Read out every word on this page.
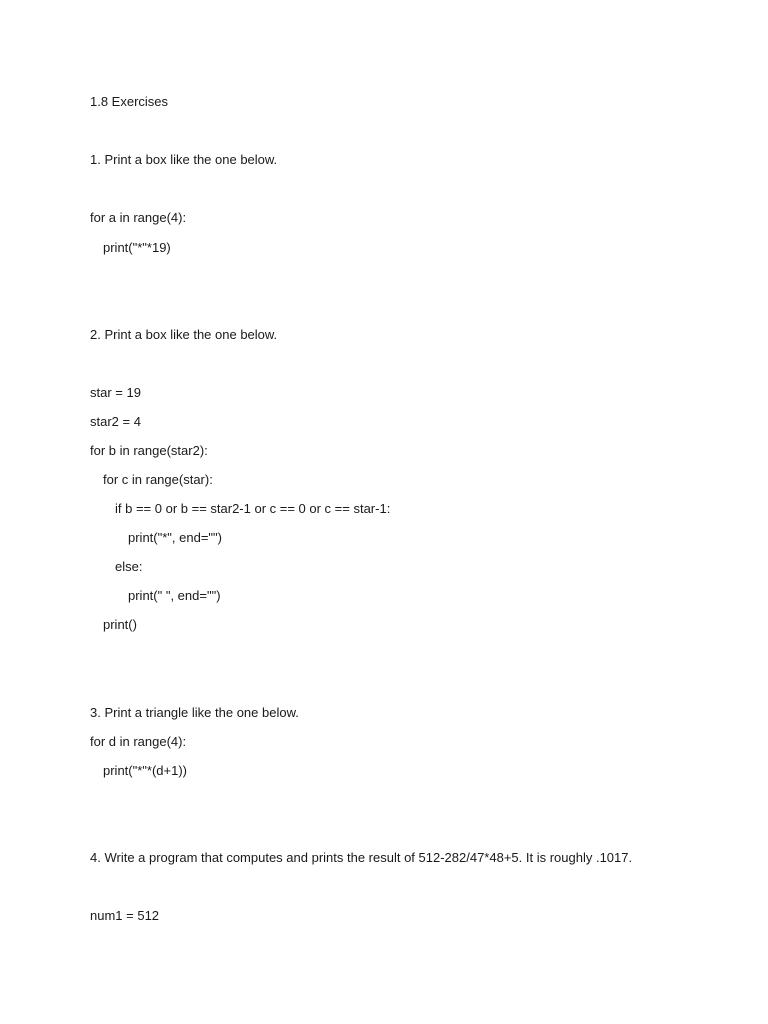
1.8 Exercises
1. Print a box like the one below.
for a in range(4):
print("*"*19)
2. Print a box like the one below.
star = 19
star2 = 4
for b in range(star2):
for c in range(star):
if b == 0 or b == star2-1 or c == 0 or c == star-1:
print("*", end="")
else:
print(" ", end="")
print()
3. Print a triangle like the one below.
for d in range(4):
print("*"*(d+1))
4. Write a program that computes and prints the result of 512-282/47*48+5. It is roughly .1017.
num1 = 512
